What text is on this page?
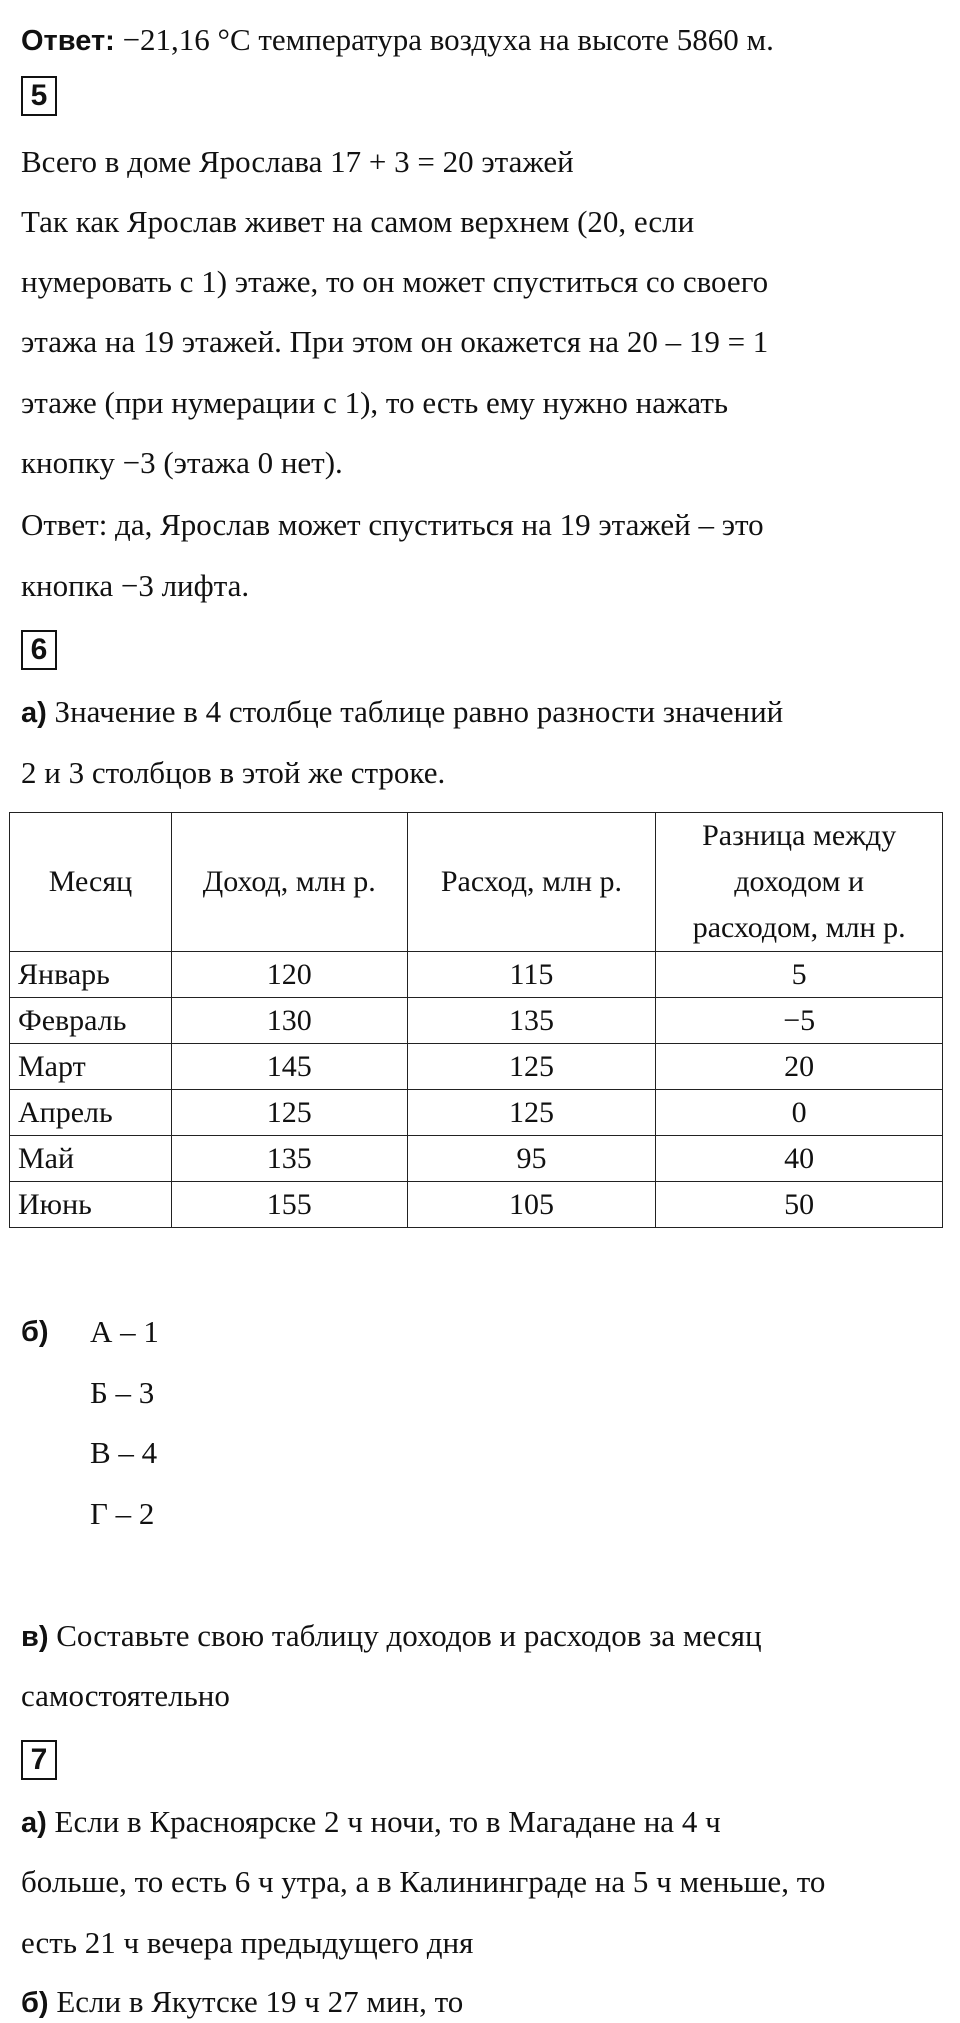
Ответ: −21,16 °C температура воздуха на высоте 5860 м.
5
Всего в доме Ярослава 17 + 3 = 20 этажей
Так как Ярослав живет на самом верхнем (20, если
нумеровать с 1) этаже, то он может спуститься со своего
этажа на 19 этажей. При этом он окажется на 20 – 19 = 1
этаже (при нумерации с 1), то есть ему нужно нажать
кнопку −3 (этажа 0 нет).
Ответ: да, Ярослав может спуститься на 19 этажей – это
кнопка −3 лифта.
6
а) Значение в 4 столбце таблице равно разности значений
2 и 3 столбцов в этой же строке.
Месяц	Доход, млн р.	Расход, млн р.	Разница между
доходом и
расходом, млн р.

Январь	120	115	5
Февраль	130	135	−5
Март	145	125	20
Апрель	125	125	0
Май	135	95	40
Июнь	155	105	50
б) А – 1
Б – 3
В – 4
Г – 2
в) Составьте свою таблицу доходов и расходов за месяц
самостоятельно
7
а) Если в Красноярске 2 ч ночи, то в Магадане на 4 ч
больше, то есть 6 ч утра, а в Калининграде на 5 ч меньше, то
есть 21 ч вечера предыдущего дня
б) Если в Якутске 19 ч 27 мин, то
